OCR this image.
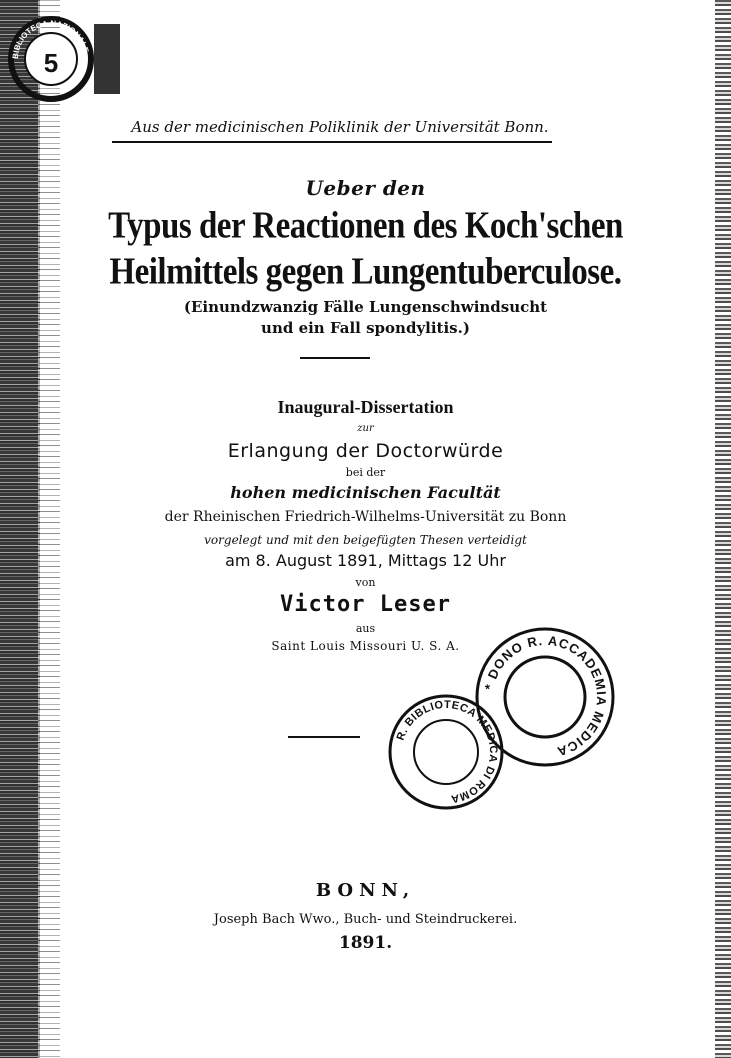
BIBLIOTECA NAZIONALE
5
Aus der medicinischen Poliklinik der Universität Bonn.
Ueber den
Typus der Reactionen des Koch'schen
Heilmittels gegen Lungentuberculose.
(Einundzwanzig Fälle Lungenschwindsucht
und ein Fall spondylitis.)
Inaugural-Dissertation
zur
Erlangung der Doctorwürde
bei der
hohen medicinischen Facultät
der Rheinischen Friedrich-Wilhelms-Universität zu Bonn
vorgelegt und mit den beigefügten Thesen verteidigt
am 8. August 1891, Mittags 12 Uhr
von
Victor Leser
aus
Saint Louis Missouri U. S. A.
* DONO R. ACCADEMIA MEDICA
R. BIBLIOTECA MEDICA DI ROMA
BONN,
Joseph Bach Wwo., Buch- und Steindruckerei.
1891.
